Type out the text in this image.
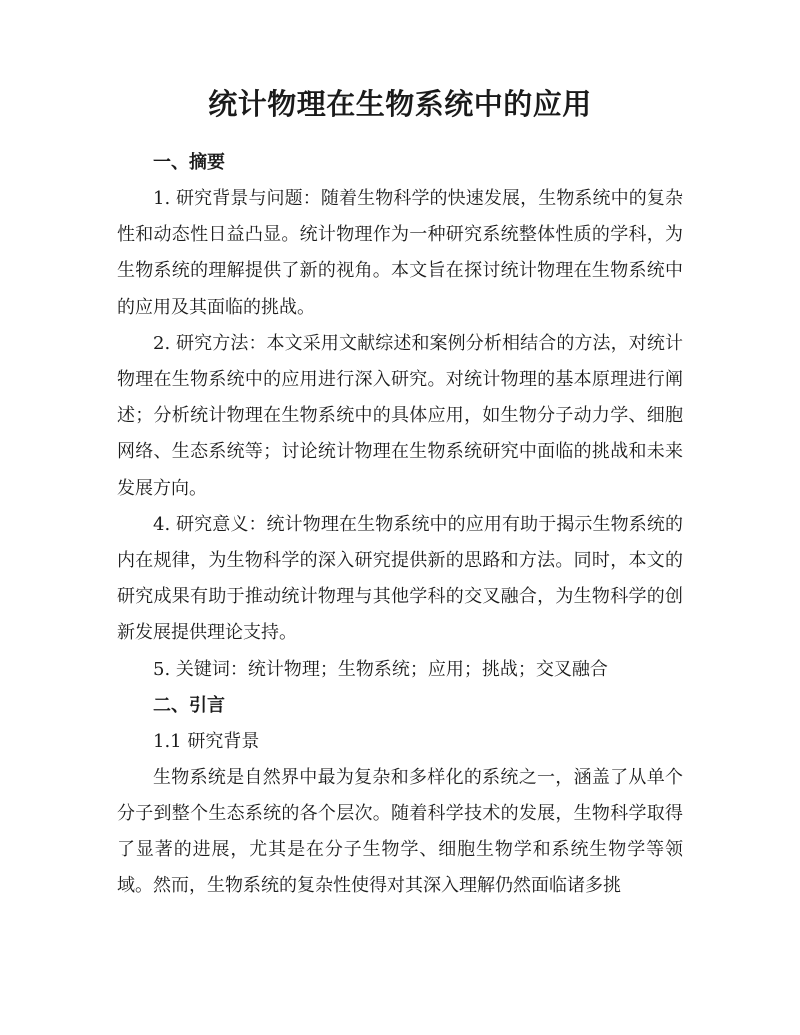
统计物理在生物系统中的应用

一、摘要

1. 研究背景与问题：随着生物科学的快速发展，生物系统中的复杂性和动态性日益凸显。统计物理作为一种研究系统整体性质的学科，为生物系统的理解提供了新的视角。本文旨在探讨统计物理在生物系统中的应用及其面临的挑战。

2. 研究方法：本文采用文献综述和案例分析相结合的方法，对统计物理在生物系统中的应用进行深入研究。对统计物理的基本原理进行阐述；分析统计物理在生物系统中的具体应用，如生物分子动力学、细胞网络、生态系统等；讨论统计物理在生物系统研究中面临的挑战和未来发展方向。

4. 研究意义：统计物理在生物系统中的应用有助于揭示生物系统的内在规律，为生物科学的深入研究提供新的思路和方法。同时，本文的研究成果有助于推动统计物理与其他学科的交叉融合，为生物科学的创新发展提供理论支持。

5. 关键词：统计物理；生物系统；应用；挑战；交叉融合

二、引言

1.1 研究背景

生物系统是自然界中最为复杂和多样化的系统之一，涵盖了从单个分子到整个生态系统的各个层次。随着科学技术的发展，生物科学取得了显著的进展，尤其是在分子生物学、细胞生物学和系统生物学等领域。然而，生物系统的复杂性使得对其深入理解仍然面临诸多挑
